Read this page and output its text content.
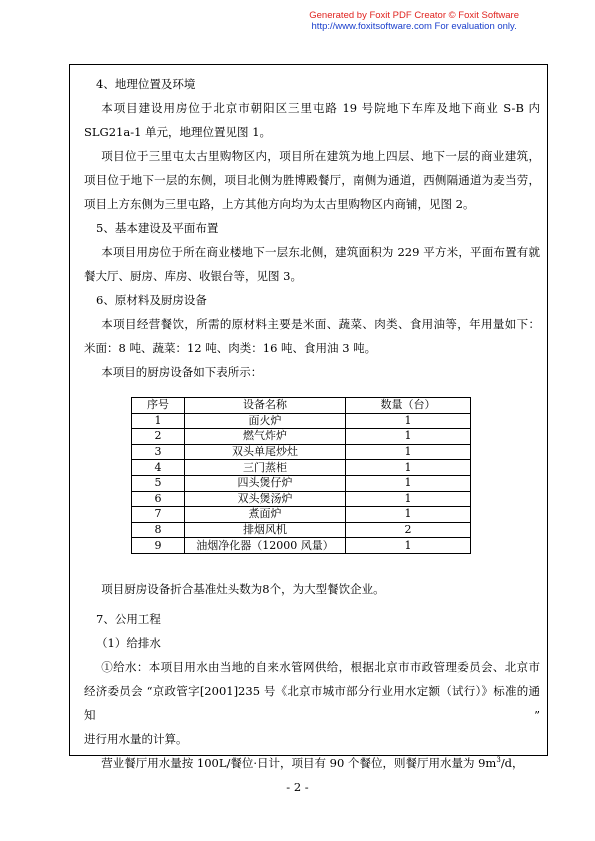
Generated by Foxit PDF Creator © Foxit Software
http://www.foxitsoftware.com For evaluation only.

4、地理位置及环境

本项目建设用房位于北京市朝阳区三里屯路 19 号院地下车库及地下商业 S-B 内

SLG21a-1 单元，地理位置见图 1。

项目位于三里屯太古里购物区内，项目所在建筑为地上四层、地下一层的商业建筑，

项目位于地下一层的东侧，项目北侧为胜博殿餐厅，南侧为通道，西侧隔通道为麦当劳，

项目上方东侧为三里屯路，上方其他方向均为太古里购物区内商铺，见图 2。

5、基本建设及平面布置

本项目用房位于所在商业楼地下一层东北侧，建筑面积为 229 平方米，平面布置有就

餐大厅、厨房、库房、收银台等，见图 3。

6、原材料及厨房设备

本项目经营餐饮，所需的原材料主要是米面、蔬菜、肉类、食用油等，年用量如下：

米面：8 吨、蔬菜：12 吨、肉类：16 吨、食用油 3 吨。

本项目的厨房设备如下表所示：

序号	设备名称	数量（台）
1	面火炉	1
2	燃气炸炉	1
3	双头单尾炒灶	1
4	三门蒸柜	1
5	四头煲仔炉	1
6	双头煲汤炉	1
7	煮面炉	1
8	排烟风机	2
9	油烟净化器（12000 风量）	1

项目厨房设备折合基准灶头数为8个，为大型餐饮企业。

7、公用工程

（1）给排水

①给水：本项目用水由当地的自来水管网供给，根据北京市市政管理委员会、北京市

经济委员会 “京政管字[2001]235 号《北京市城市部分行业用水定额（试行）》标准的通知”

进行用水量的计算。

营业餐厅用水量按 100L/餐位·日计，项目有 90 个餐位，则餐厅用水量为 $9m^3/d$，

- 2 -
